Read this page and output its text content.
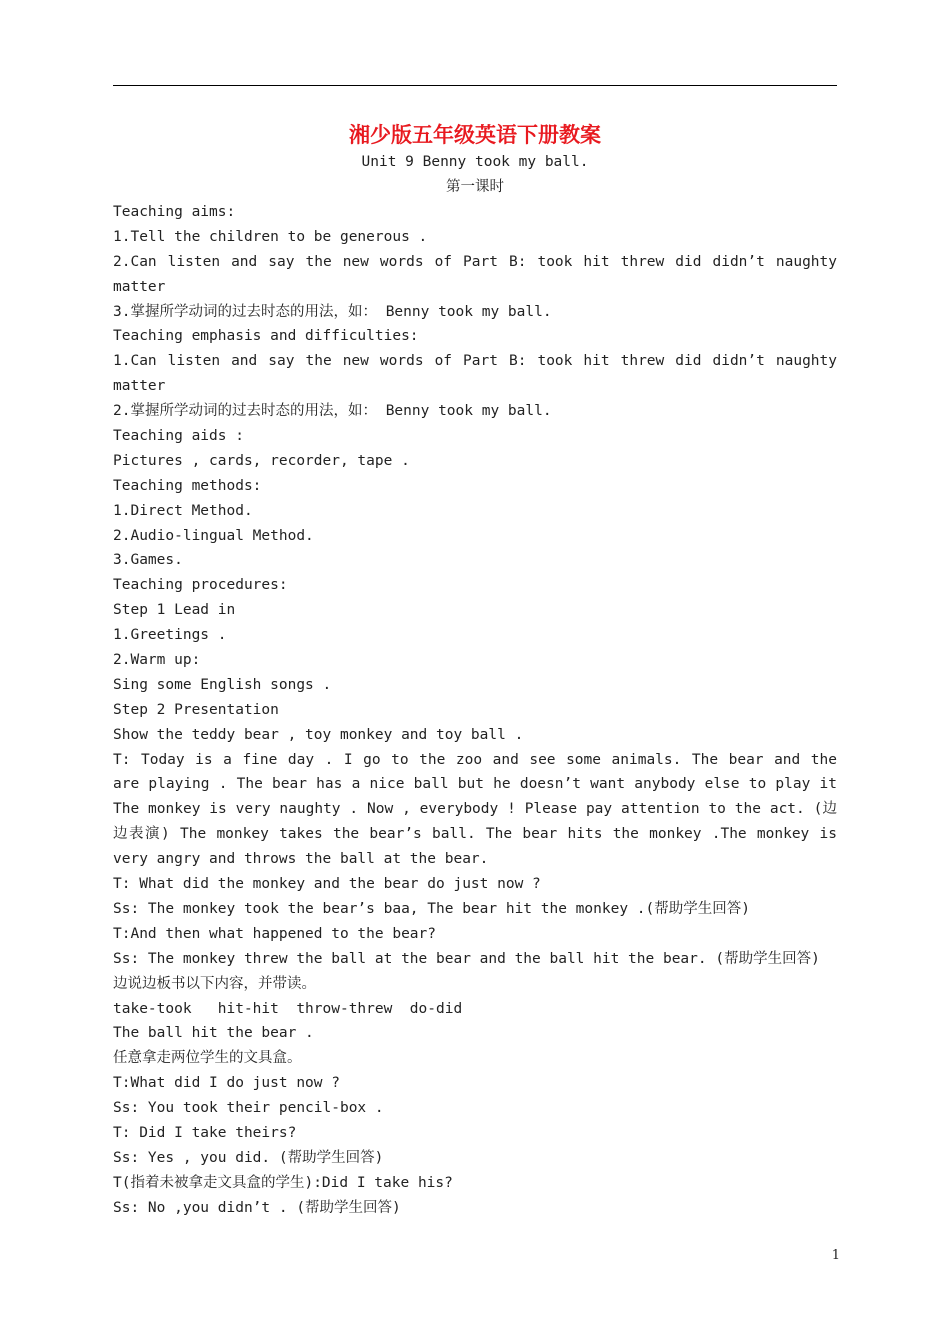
湘少版五年级英语下册教案
Unit 9 Benny took my ball.
第一课时
Teaching aims:
1.Tell the children to be generous .
2.Can listen and say the new words of Part B: took hit threw did didn’t naughty
matter
3.掌握所学动词的过去时态的用法，如： Benny took my ball.
Teaching emphasis and difficulties:
1.Can listen and say the new words of Part B: took hit threw did didn’t naughty
matter
2.掌握所学动词的过去时态的用法，如： Benny took my ball.
Teaching aids :
Pictures , cards, recorder, tape .
Teaching methods:
1.Direct Method.
2.Audio-lingual Method.
3.Games.
Teaching procedures:
Step 1 Lead in
1.Greetings .
2.Warm up:
Sing some English songs .
Step 2 Presentation
Show the teddy bear , toy monkey and toy ball .
T: Today is a fine day . I go to the zoo and see some animals. The bear and the
are playing . The bear has a nice ball but he doesn’t want anybody else to play it
The monkey is very naughty . Now , everybody ! Please pay attention to the act. (边
边表演) The monkey takes the bear’s ball. The bear hits the monkey .The monkey is
very angry and throws the ball at the bear.
T: What did the monkey and the bear do just now ?
Ss: The monkey took the bear’s baa, The bear hit the monkey .(帮助学生回答)
T:And then what happened to the bear?
Ss: The monkey threw the ball at the bear and the ball hit the bear. (帮助学生回答)
边说边板书以下内容，并带读。
take-took   hit-hit  throw-threw  do-did
The ball hit the bear .
任意拿走两位学生的文具盒。
T:What did I do just now ?
Ss: You took their pencil-box .
T: Did I take theirs?
Ss: Yes , you did. (帮助学生回答)
T(指着未被拿走文具盒的学生):Did I take his?
Ss: No ,you didn’t . (帮助学生回答)
1
